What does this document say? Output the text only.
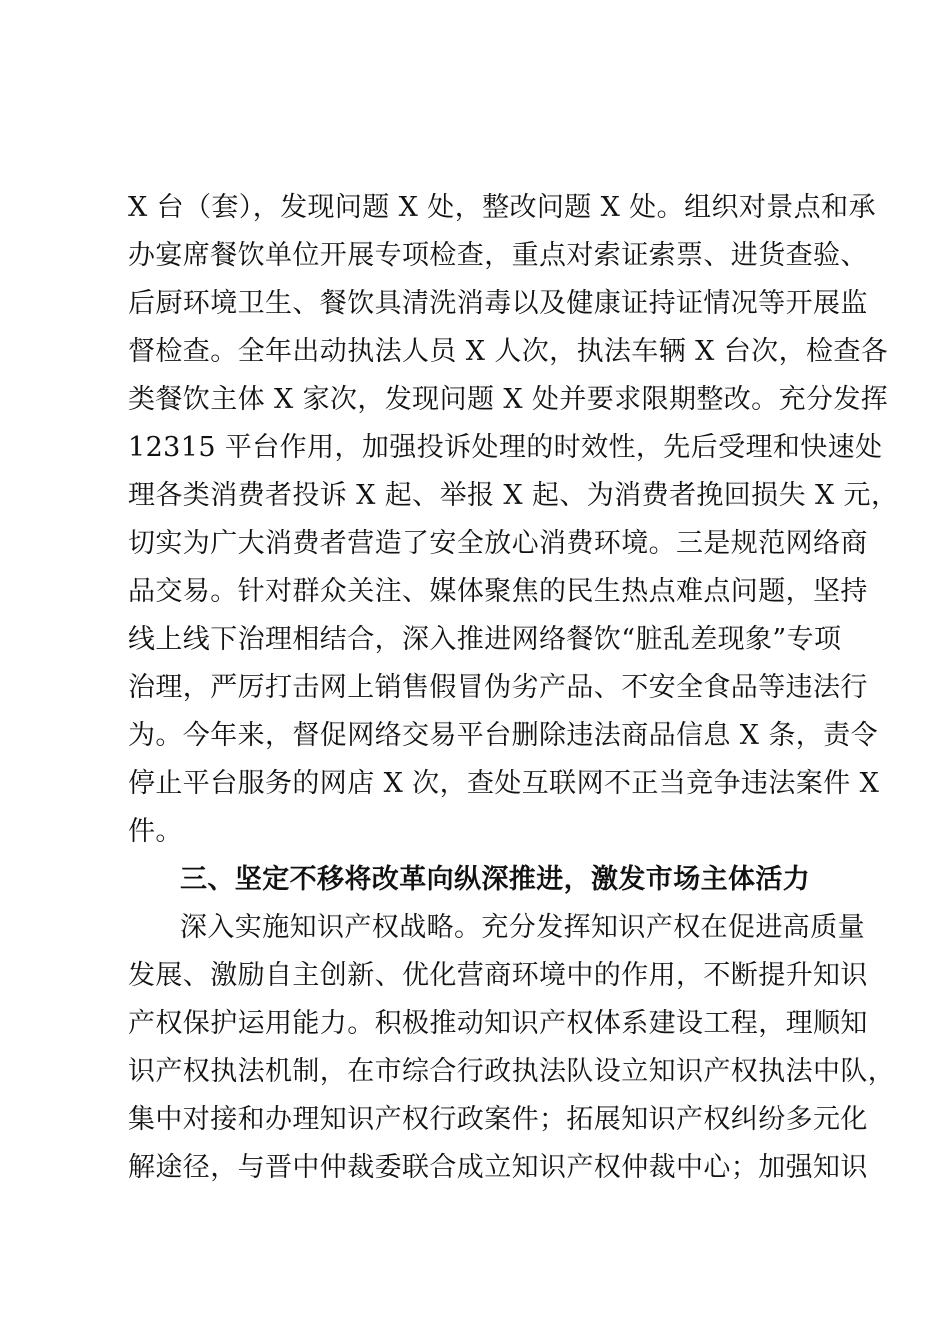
X 台（套），发现问题 X 处，整改问题 X 处。组织对景点和承
办宴席餐饮单位开展专项检查，重点对索证索票、进货查验、
后厨环境卫生、餐饮具清洗消毒以及健康证持证情况等开展监
督检查。全年出动执法人员 X 人次，执法车辆 X 台次，检查各
类餐饮主体 X 家次，发现问题 X 处并要求限期整改。充分发挥
12315 平台作用，加强投诉处理的时效性，先后受理和快速处
理各类消费者投诉 X 起、举报 X 起、为消费者挽回损失 X 元，
切实为广大消费者营造了安全放心消费环境。三是规范网络商
品交易。针对群众关注、媒体聚焦的民生热点难点问题，坚持
线上线下治理相结合，深入推进网络餐饮“脏乱差现象”专项
治理，严厉打击网上销售假冒伪劣产品、不安全食品等违法行
为。今年来，督促网络交易平台删除违法商品信息 X 条，责令
停止平台服务的网店 X 次，查处互联网不正当竞争违法案件 X
件。
三、坚定不移将改革向纵深推进，激发市场主体活力
深入实施知识产权战略。充分发挥知识产权在促进高质量
发展、激励自主创新、优化营商环境中的作用，不断提升知识
产权保护运用能力。积极推动知识产权体系建设工程，理顺知
识产权执法机制，在市综合行政执法队设立知识产权执法中队，
集中对接和办理知识产权行政案件；拓展知识产权纠纷多元化
解途径，与晋中仲裁委联合成立知识产权仲裁中心；加强知识
